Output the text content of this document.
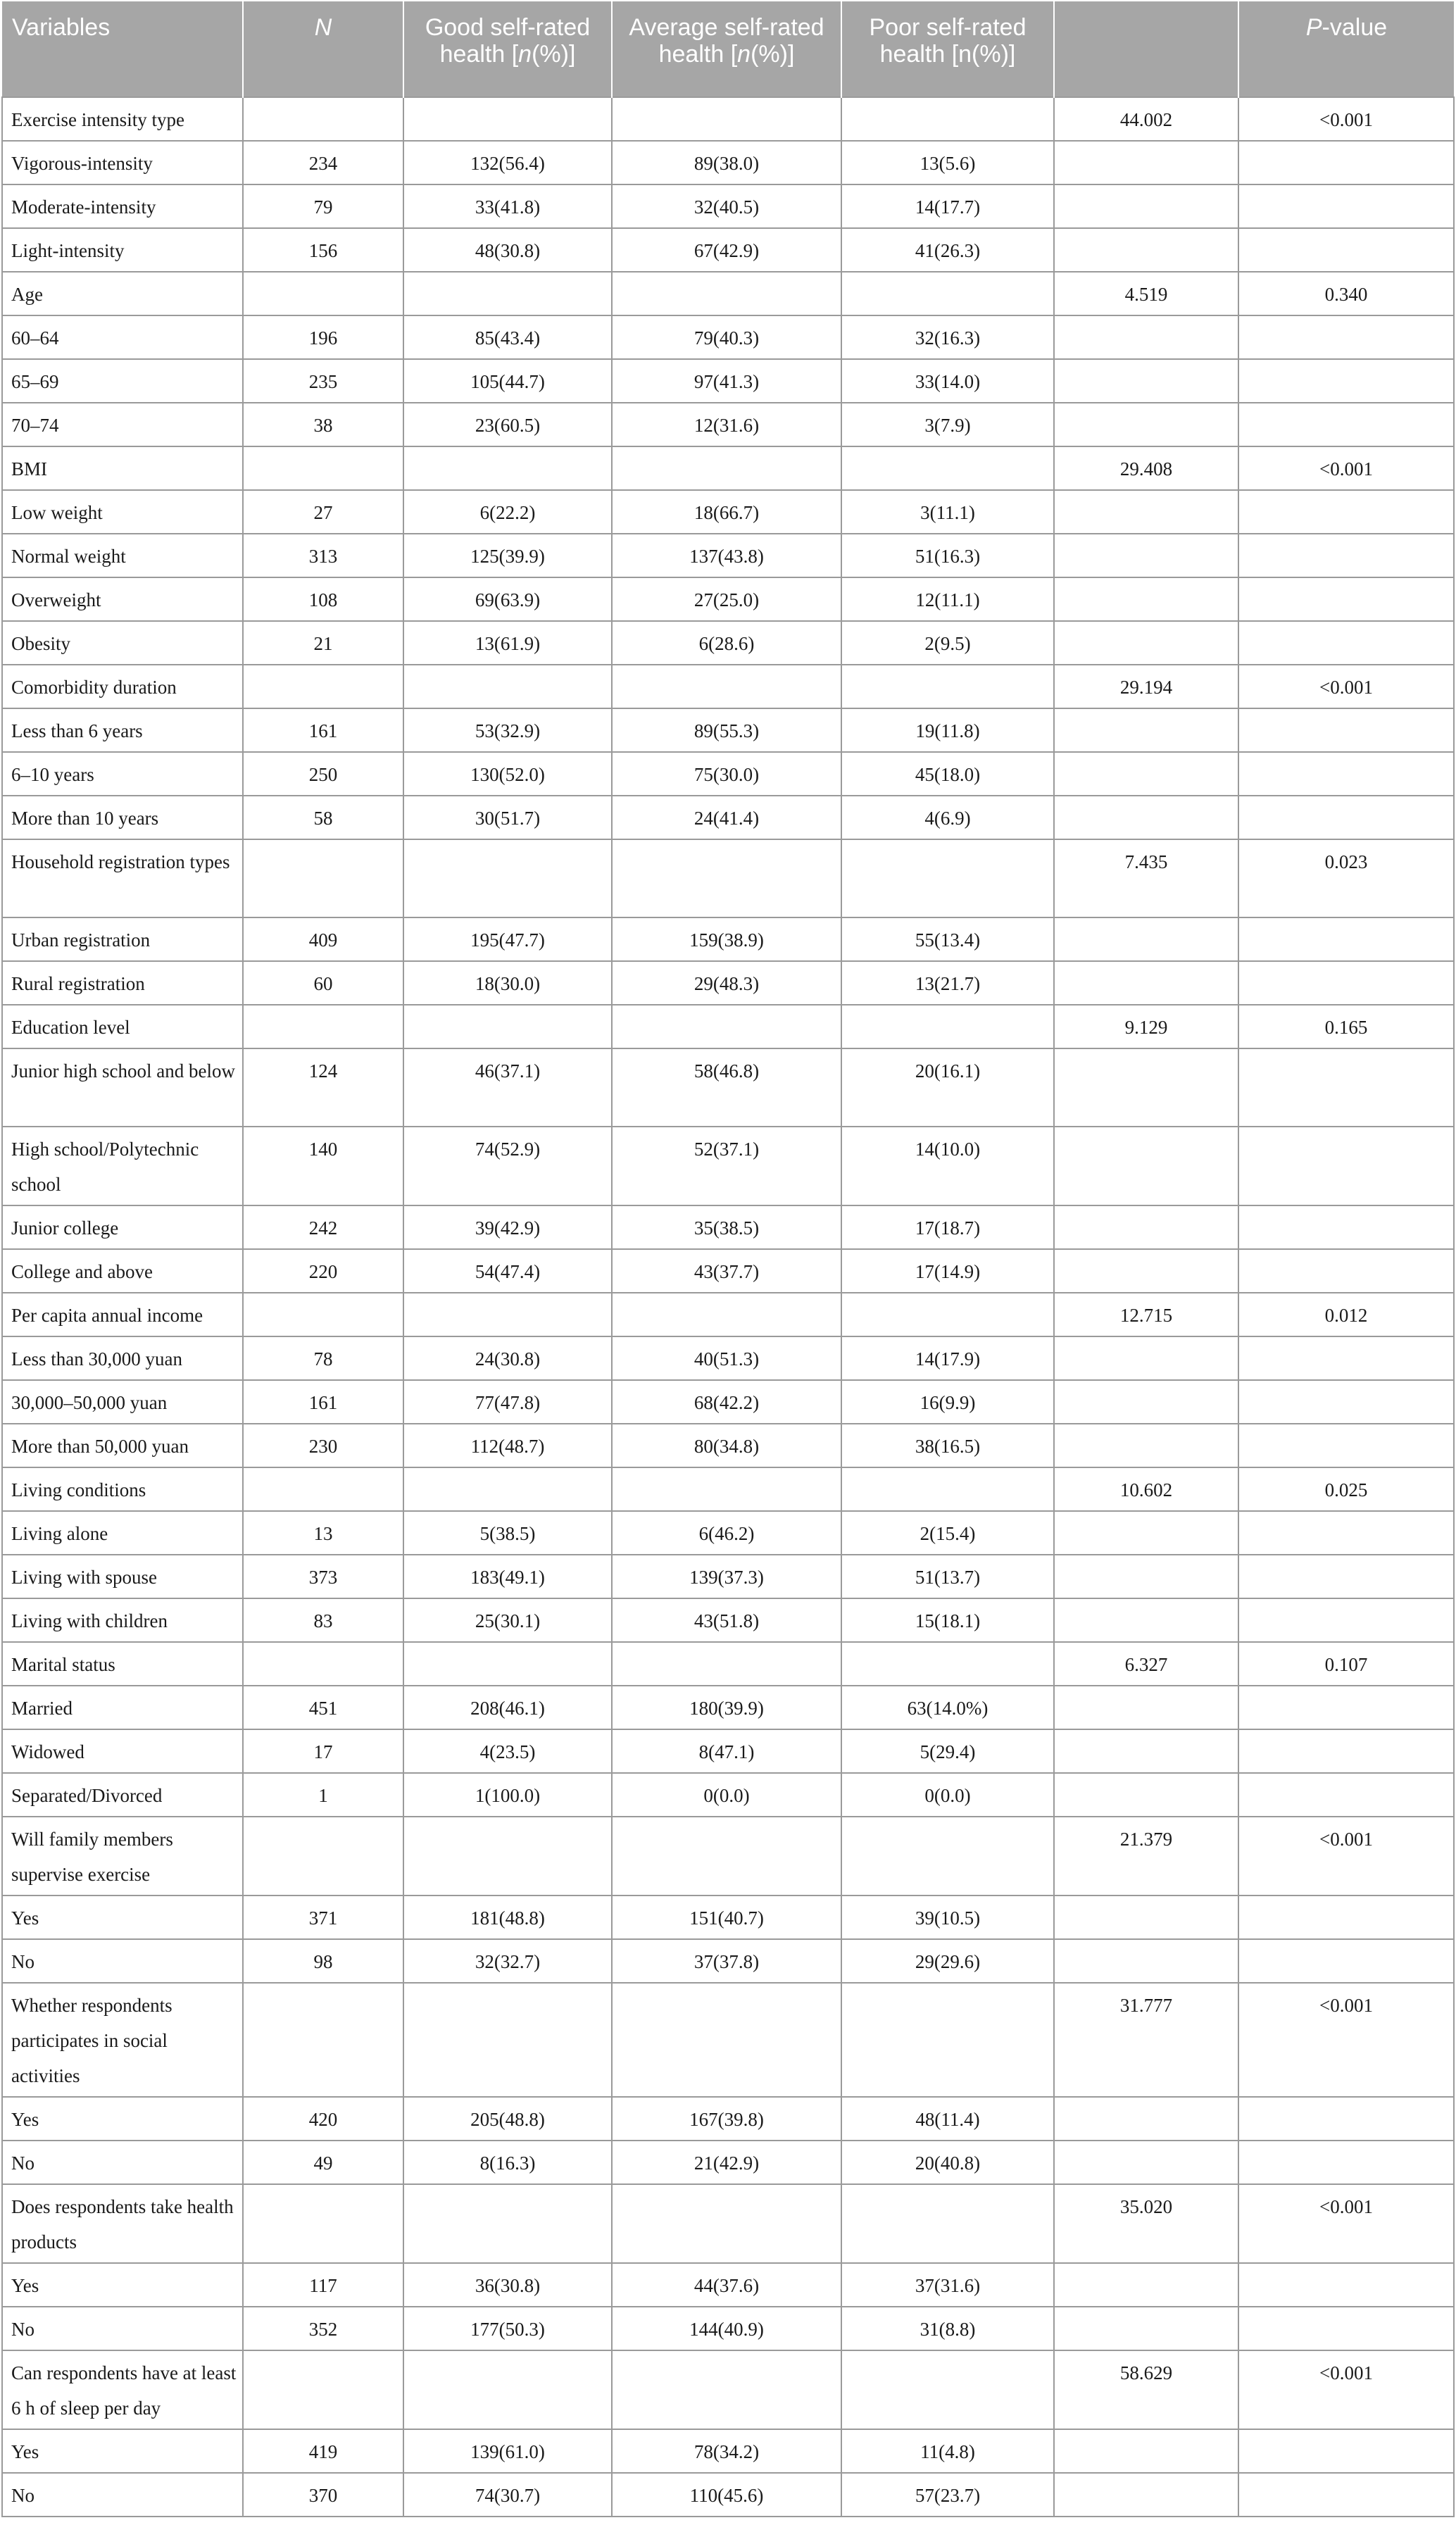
Variables	N	Good self-rated health [n(%)]	Average self-rated health [n(%)]	Poor self-rated health [n(%)]		P-value
Exercise intensity type					44.002	<0.001
Vigorous-intensity	234	132(56.4)	89(38.0)	13(5.6)		
Moderate-intensity	79	33(41.8)	32(40.5)	14(17.7)		
Light-intensity	156	48(30.8)	67(42.9)	41(26.3)		
Age					4.519	0.340
60–64	196	85(43.4)	79(40.3)	32(16.3)		
65–69	235	105(44.7)	97(41.3)	33(14.0)		
70–74	38	23(60.5)	12(31.6)	3(7.9)		
BMI					29.408	<0.001
Low weight	27	6(22.2)	18(66.7)	3(11.1)		
Normal weight	313	125(39.9)	137(43.8)	51(16.3)		
Overweight	108	69(63.9)	27(25.0)	12(11.1)		
Obesity	21	13(61.9)	6(28.6)	2(9.5)		
Comorbidity duration					29.194	<0.001
Less than 6 years	161	53(32.9)	89(55.3)	19(11.8)		
6–10 years	250	130(52.0)	75(30.0)	45(18.0)		
More than 10 years	58	30(51.7)	24(41.4)	4(6.9)		
Household registration types					7.435	0.023
Urban registration	409	195(47.7)	159(38.9)	55(13.4)		
Rural registration	60	18(30.0)	29(48.3)	13(21.7)		
Education level					9.129	0.165
Junior high school and below	124	46(37.1)	58(46.8)	20(16.1)		
High school/Polytechnic school	140	74(52.9)	52(37.1)	14(10.0)		
Junior college	242	39(42.9)	35(38.5)	17(18.7)		
College and above	220	54(47.4)	43(37.7)	17(14.9)		
Per capita annual income					12.715	0.012
Less than 30,000 yuan	78	24(30.8)	40(51.3)	14(17.9)		
30,000–50,000 yuan	161	77(47.8)	68(42.2)	16(9.9)		
More than 50,000 yuan	230	112(48.7)	80(34.8)	38(16.5)		
Living conditions					10.602	0.025
Living alone	13	5(38.5)	6(46.2)	2(15.4)		
Living with spouse	373	183(49.1)	139(37.3)	51(13.7)		
Living with children	83	25(30.1)	43(51.8)	15(18.1)		
Marital status					6.327	0.107
Married	451	208(46.1)	180(39.9)	63(14.0%)		
Widowed	17	4(23.5)	8(47.1)	5(29.4)		
Separated/Divorced	1	1(100.0)	0(0.0)	0(0.0)		
Will family members supervise exercise					21.379	<0.001
Yes	371	181(48.8)	151(40.7)	39(10.5)		
No	98	32(32.7)	37(37.8)	29(29.6)		
Whether respondents participates in social activities					31.777	<0.001
Yes	420	205(48.8)	167(39.8)	48(11.4)		
No	49	8(16.3)	21(42.9)	20(40.8)		
Does respondents take health products					35.020	<0.001
Yes	117	36(30.8)	44(37.6)	37(31.6)		
No	352	177(50.3)	144(40.9)	31(8.8)		
Can respondents have at least 6 h of sleep per day					58.629	<0.001
Yes	419	139(61.0)	78(34.2)	11(4.8)		
No	370	74(30.7)	110(45.6)	57(23.7)		
